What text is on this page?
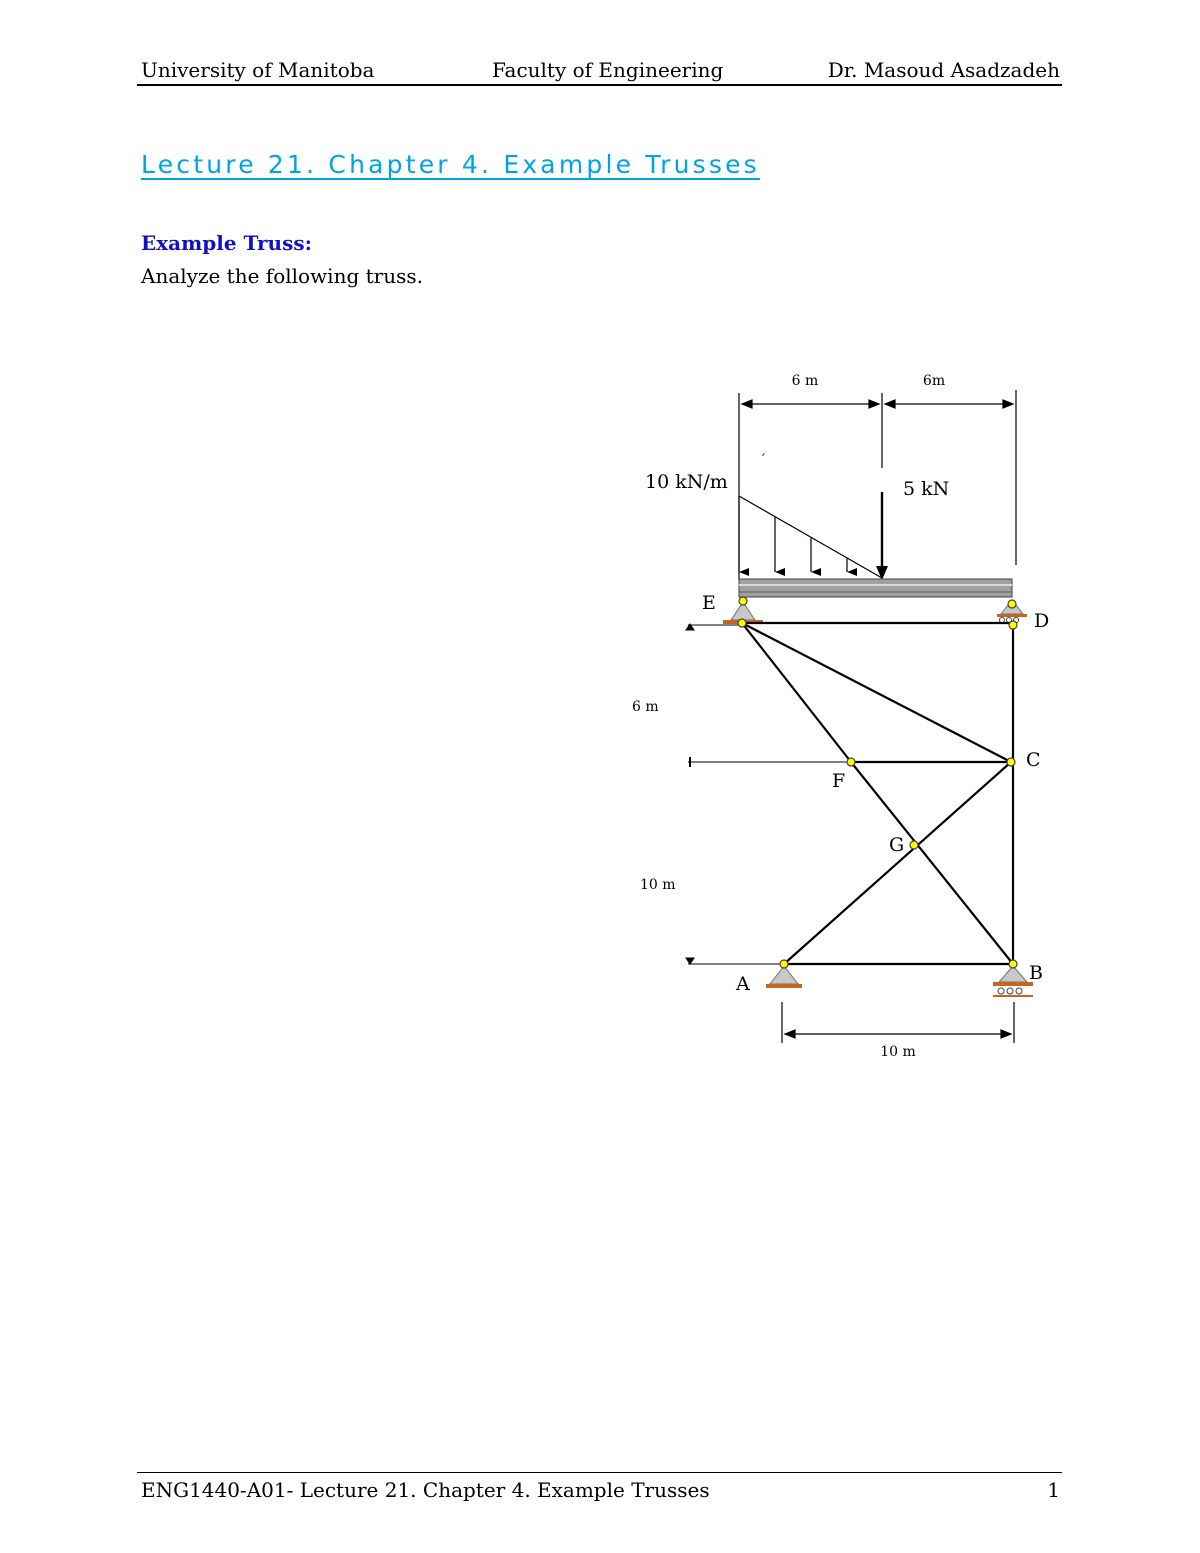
University of Manitoba	Faculty of Engineering	Dr. Masoud Asadzadeh
Lecture 21. Chapter 4. Example Trusses
Example Truss:
Analyze the following truss.
6 m	6m
′
10 kN/m	5 kN
6 m
10 m
E
D
C
F
G
A	B
10 m
ENG1440-A01- Lecture 21. Chapter 4. Example Trusses	1
